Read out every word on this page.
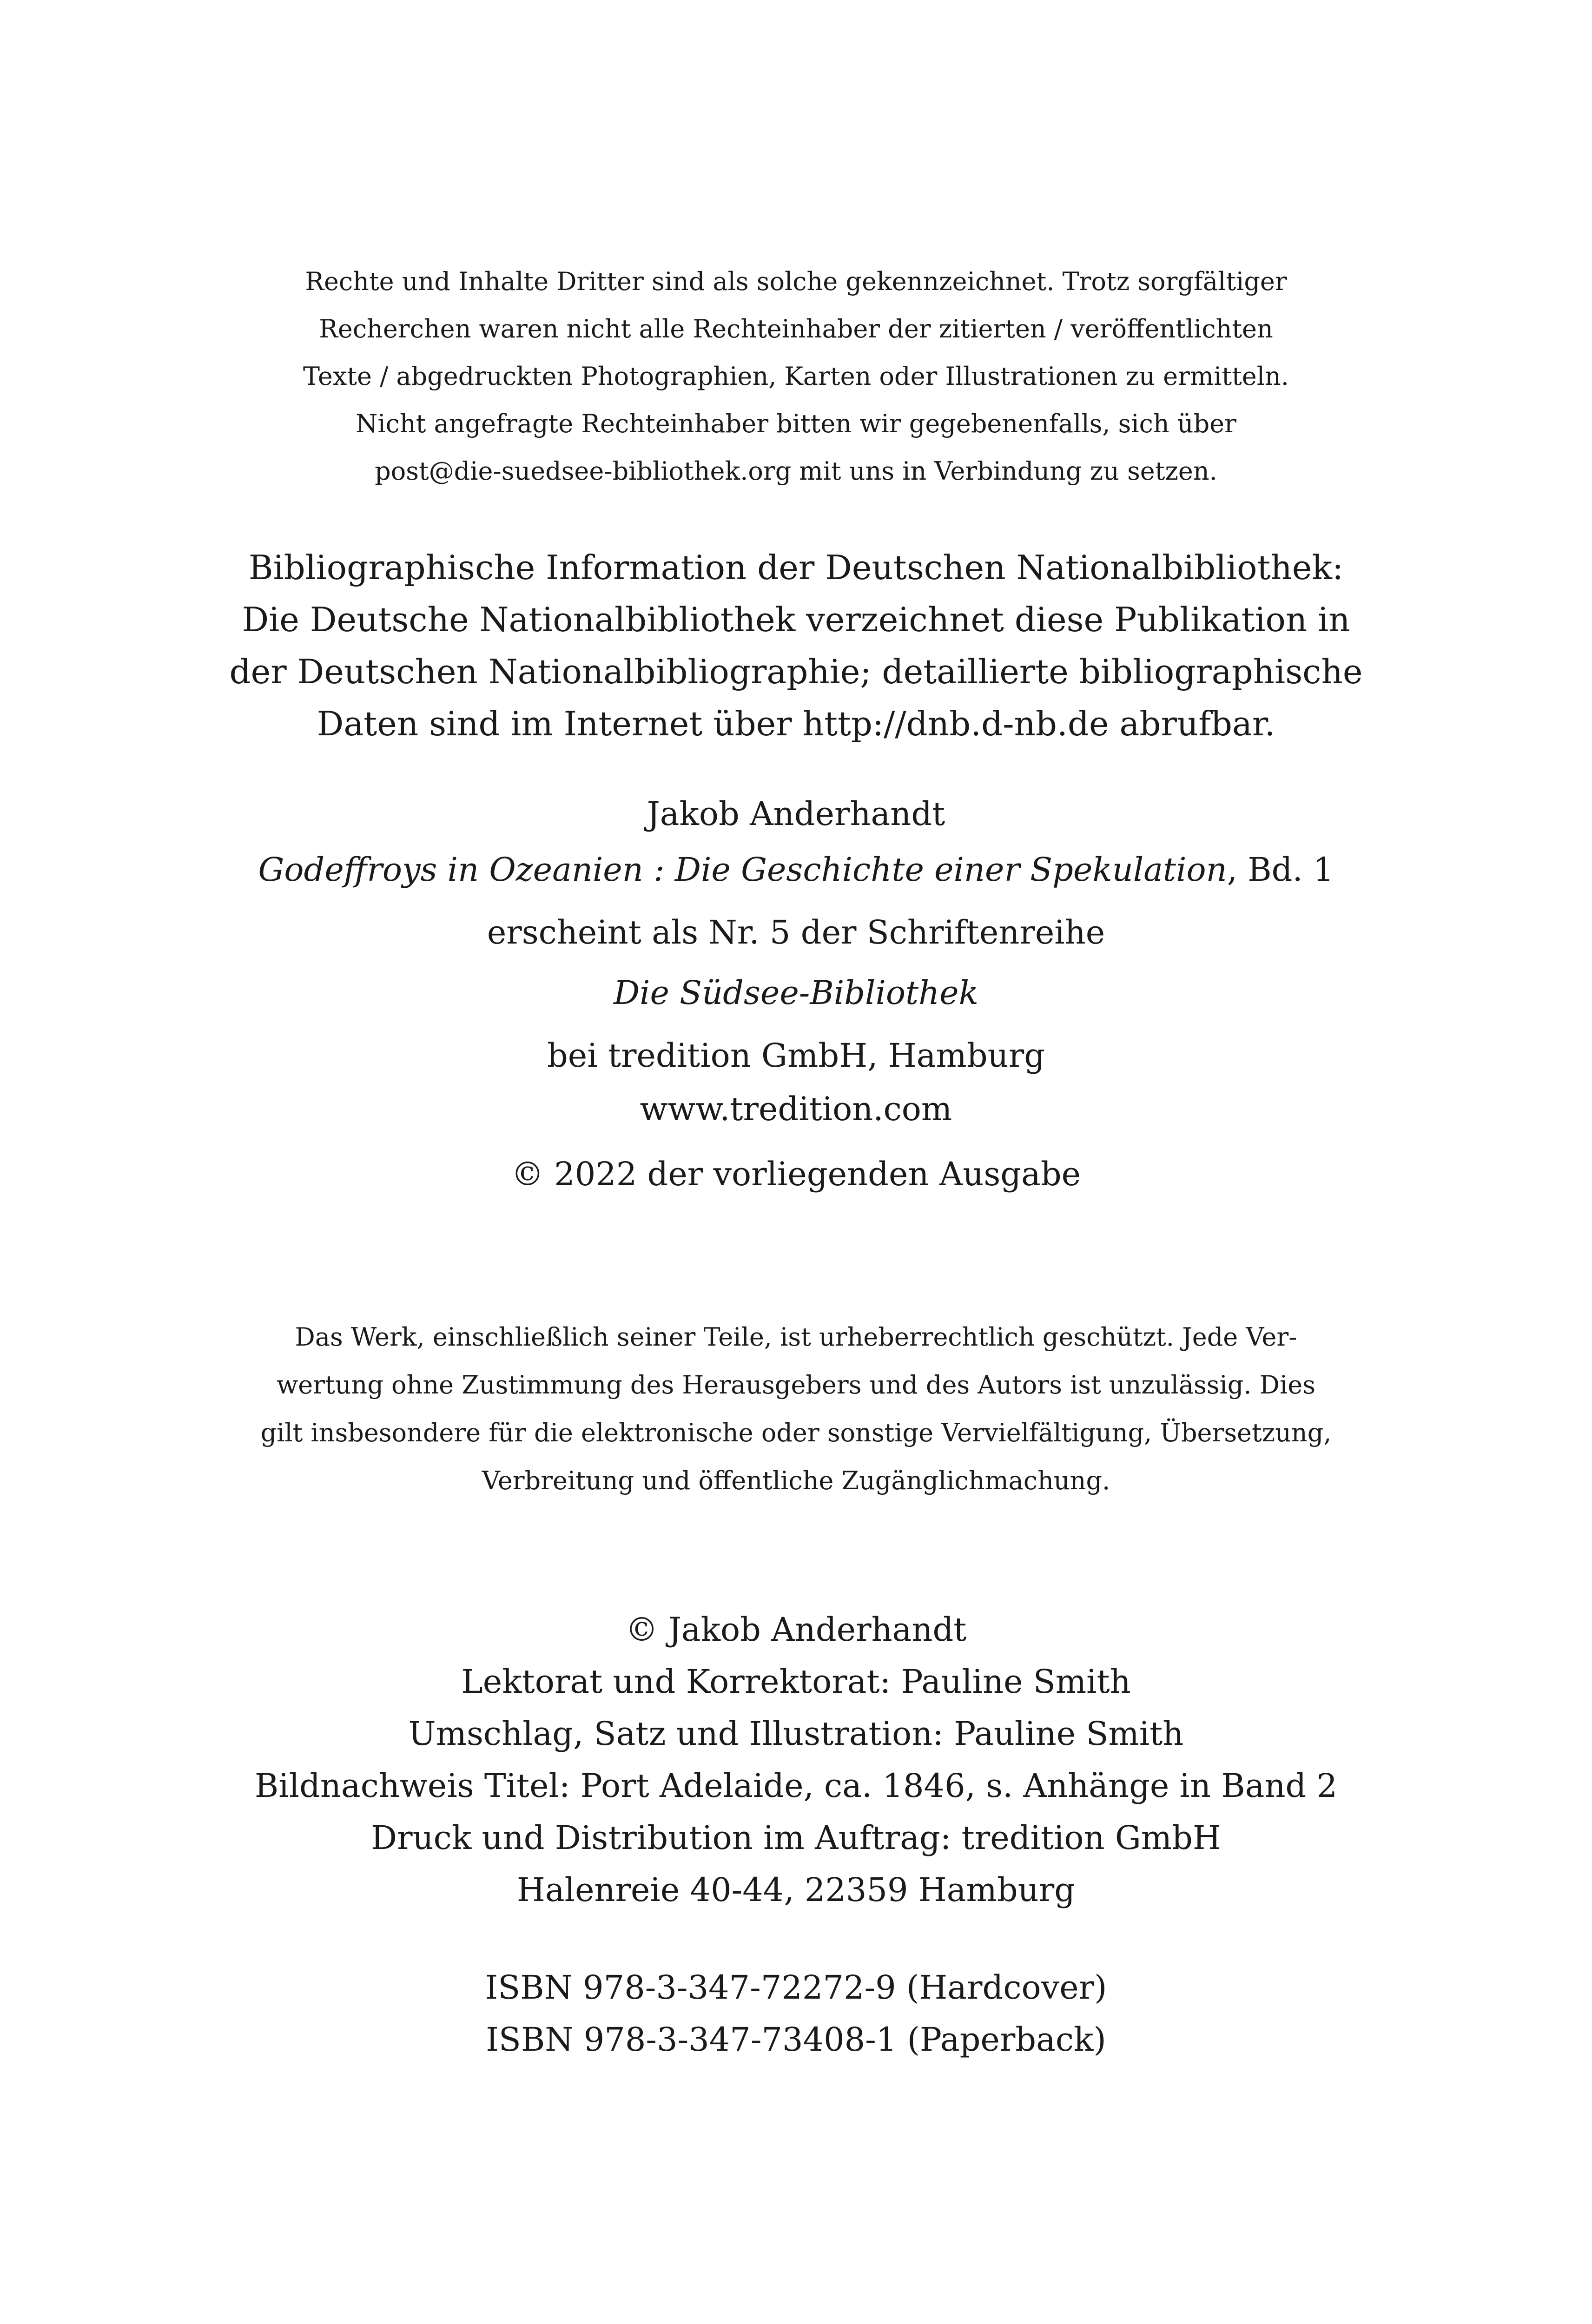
Rechte und Inhalte Dritter sind als solche gekennzeichnet. Trotz sorgfältiger
Recherchen waren nicht alle Rechteinhaber der zitierten / veröffentlichten
Texte / abgedruckten Photographien, Karten oder Illustrationen zu ermitteln.
Nicht angefragte Rechteinhaber bitten wir gegebenenfalls, sich über
post@die-suedsee-bibliothek.org mit uns in Verbindung zu setzen.
Bibliographische Information der Deutschen Nationalbibliothek:
Die Deutsche Nationalbibliothek verzeichnet diese Publikation in
der Deutschen Nationalbibliographie; detaillierte bibliographische
Daten sind im Internet über http://dnb.d-nb.de abrufbar.
Jakob Anderhandt
Godeffroys in Ozeanien : Die Geschichte einer Spekulation, Bd. 1
erscheint als Nr. 5 der Schriftenreihe
Die Südsee-Bibliothek
bei tredition GmbH, Hamburg
www.tredition.com
© 2022 der vorliegenden Ausgabe
Das Werk, einschließlich seiner Teile, ist urheberrechtlich geschützt. Jede Ver-
wertung ohne Zustimmung des Herausgebers und des Autors ist unzulässig. Dies
gilt insbesondere für die elektronische oder sonstige Vervielfältigung, Übersetzung,
Verbreitung und öffentliche Zugänglichmachung.
© Jakob Anderhandt
Lektorat und Korrektorat: Pauline Smith
Umschlag, Satz und Illustration: Pauline Smith
Bildnachweis Titel: Port Adelaide, ca. 1846, s. Anhänge in Band 2
Druck und Distribution im Auftrag: tredition GmbH
Halenreie 40-44, 22359 Hamburg
ISBN 978-3-347-72272-9 (Hardcover)
ISBN 978-3-347-73408-1 (Paperback)
